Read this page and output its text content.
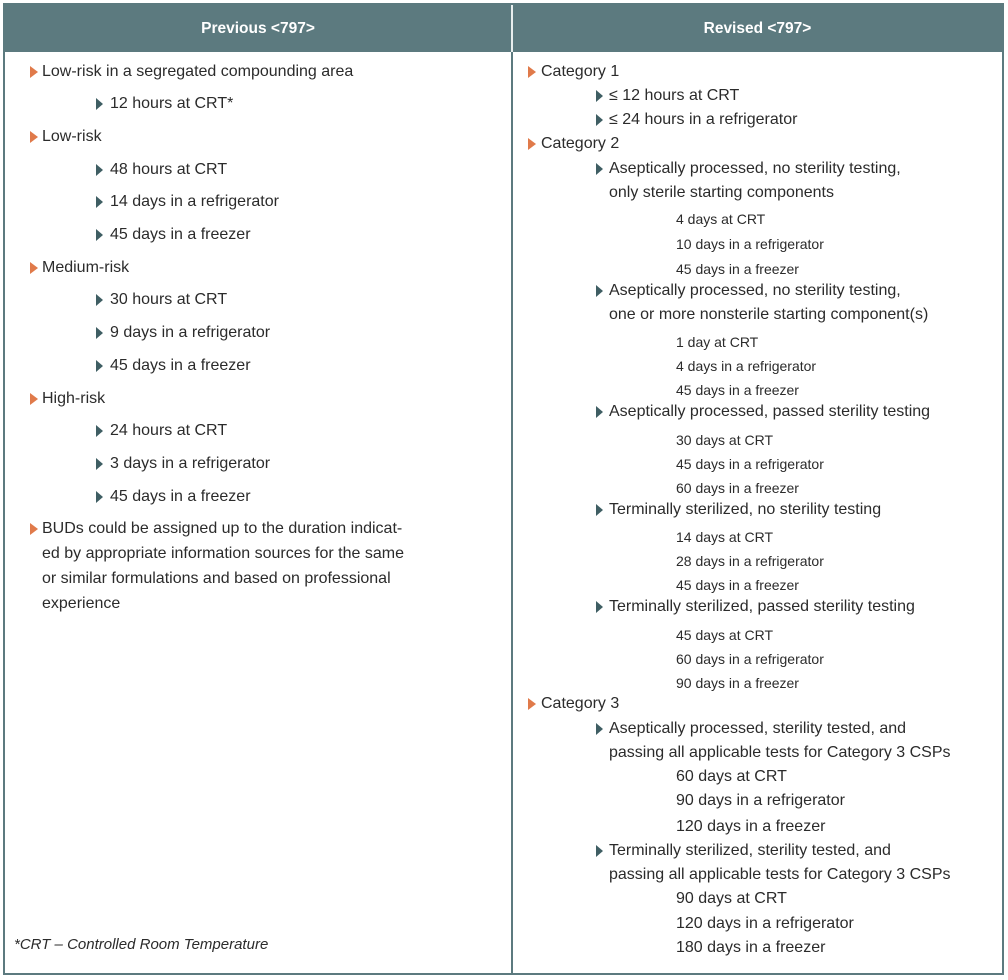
Previous <797>	Revised <797>
Low-risk in a segregated compounding area
12 hours at CRT*
Low-risk
48 hours at CRT
14 days in a refrigerator
45 days in a freezer
Medium-risk
30 hours at CRT
9 days in a refrigerator
45 days in a freezer
High-risk
24 hours at CRT
3 days in a refrigerator
45 days in a freezer
BUDs could be assigned up to the duration indicat-
ed by appropriate information sources for the same
or similar formulations and based on professional
experience
Category 1
≤ 12 hours at CRT
≤ 24 hours in a refrigerator
Category 2
Aseptically processed, no sterility testing,
only sterile starting components
4 days at CRT
10 days in a refrigerator
45 days in a freezer
Aseptically processed, no sterility testing,
one or more nonsterile starting component(s)
1 day at CRT
4 days in a refrigerator
45 days in a freezer
Aseptically processed, passed sterility testing
30 days at CRT
45 days in a refrigerator
60 days in a freezer
Terminally sterilized, no sterility testing
14 days at CRT
28 days in a refrigerator
45 days in a freezer
Terminally sterilized, passed sterility testing
45 days at CRT
60 days in a refrigerator
90 days in a freezer
Category 3
Aseptically processed, sterility tested, and
passing all applicable tests for Category 3 CSPs
60 days at CRT
90 days in a refrigerator
120 days in a freezer
Terminally sterilized, sterility tested, and
passing all applicable tests for Category 3 CSPs
90 days at CRT
120 days in a refrigerator
180 days in a freezer
*CRT – Controlled Room Temperature
